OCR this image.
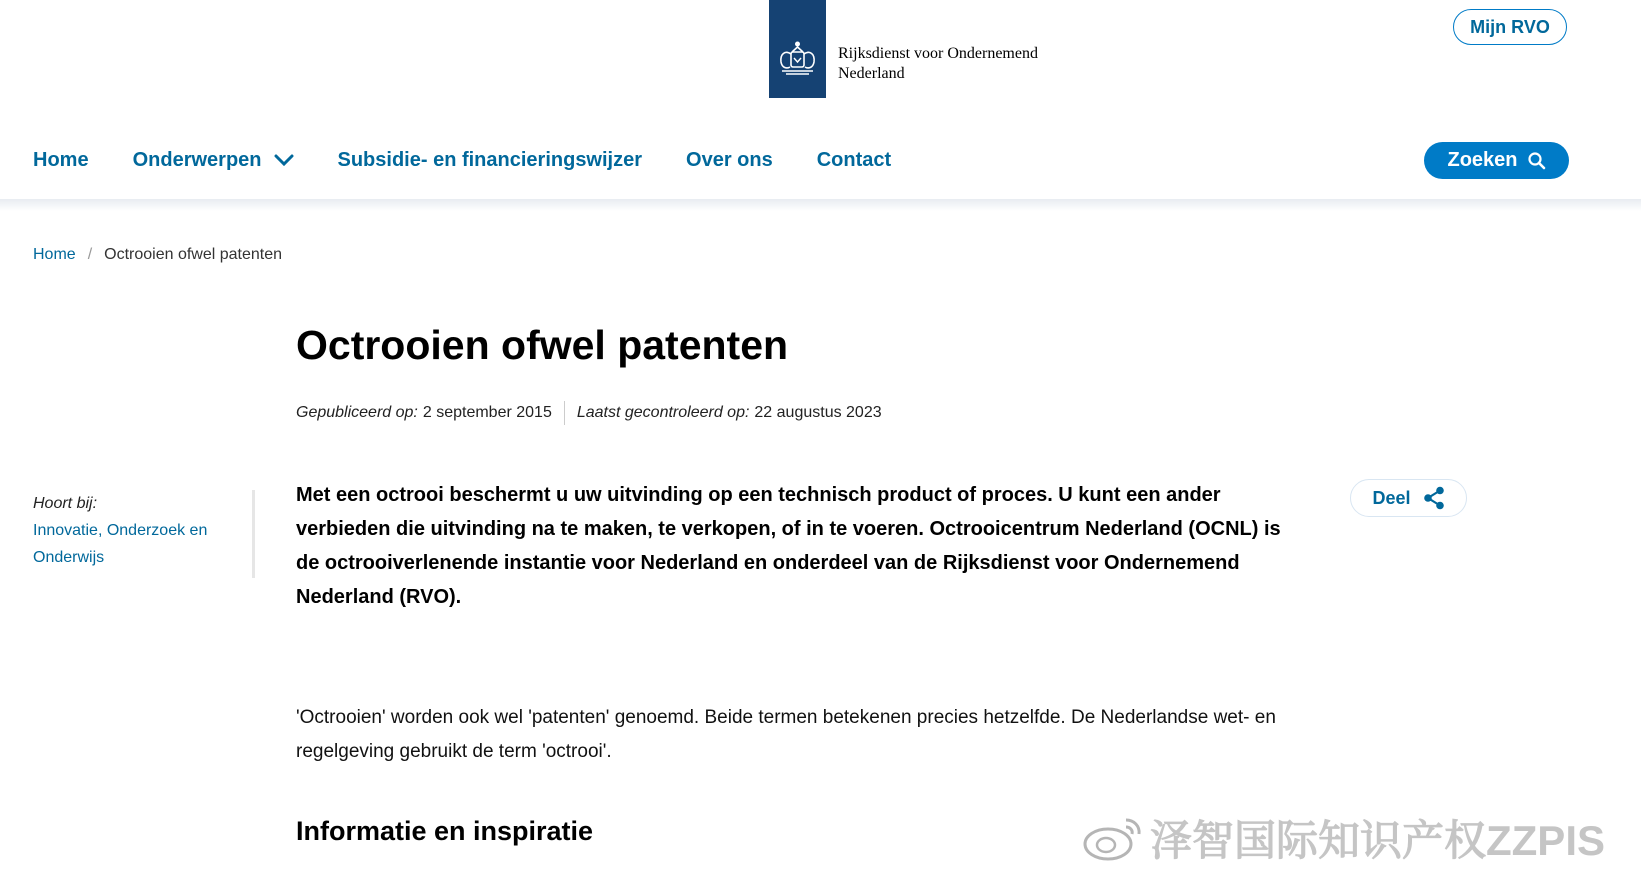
Rijksdienst voor Ondernemend
Nederland
Mijn RVO
Home Onderwerpen	Subsidie- en financieringswijzer Over ons Contact	Zoeken
Home / Octrooien ofwel patenten
Octrooien ofwel patenten
Gepubliceerd op: 2 september 2015 Laatst gecontroleerd op: 22 augustus 2023
Hoort bij:
Innovatie, Onderzoek en Onderwijs

Met een octrooi beschermt u uw uitvinding op een technisch product of proces. U kunt een ander verbieden die uitvinding na te maken, te verkopen, of in te voeren. Octrooicentrum Nederland (OCNL) is de octrooiverlenende instantie voor Nederland en onderdeel van de Rijksdienst voor Ondernemend Nederland (RVO).

Deel

'Octrooien' worden ook wel 'patenten' genoemd. Beide termen betekenen precies hetzelfde. De Nederlandse wet- en regelgeving gebruikt de term 'octrooi'.

Informatie en inspiratie	泽智国际知识产权ZZPIS
